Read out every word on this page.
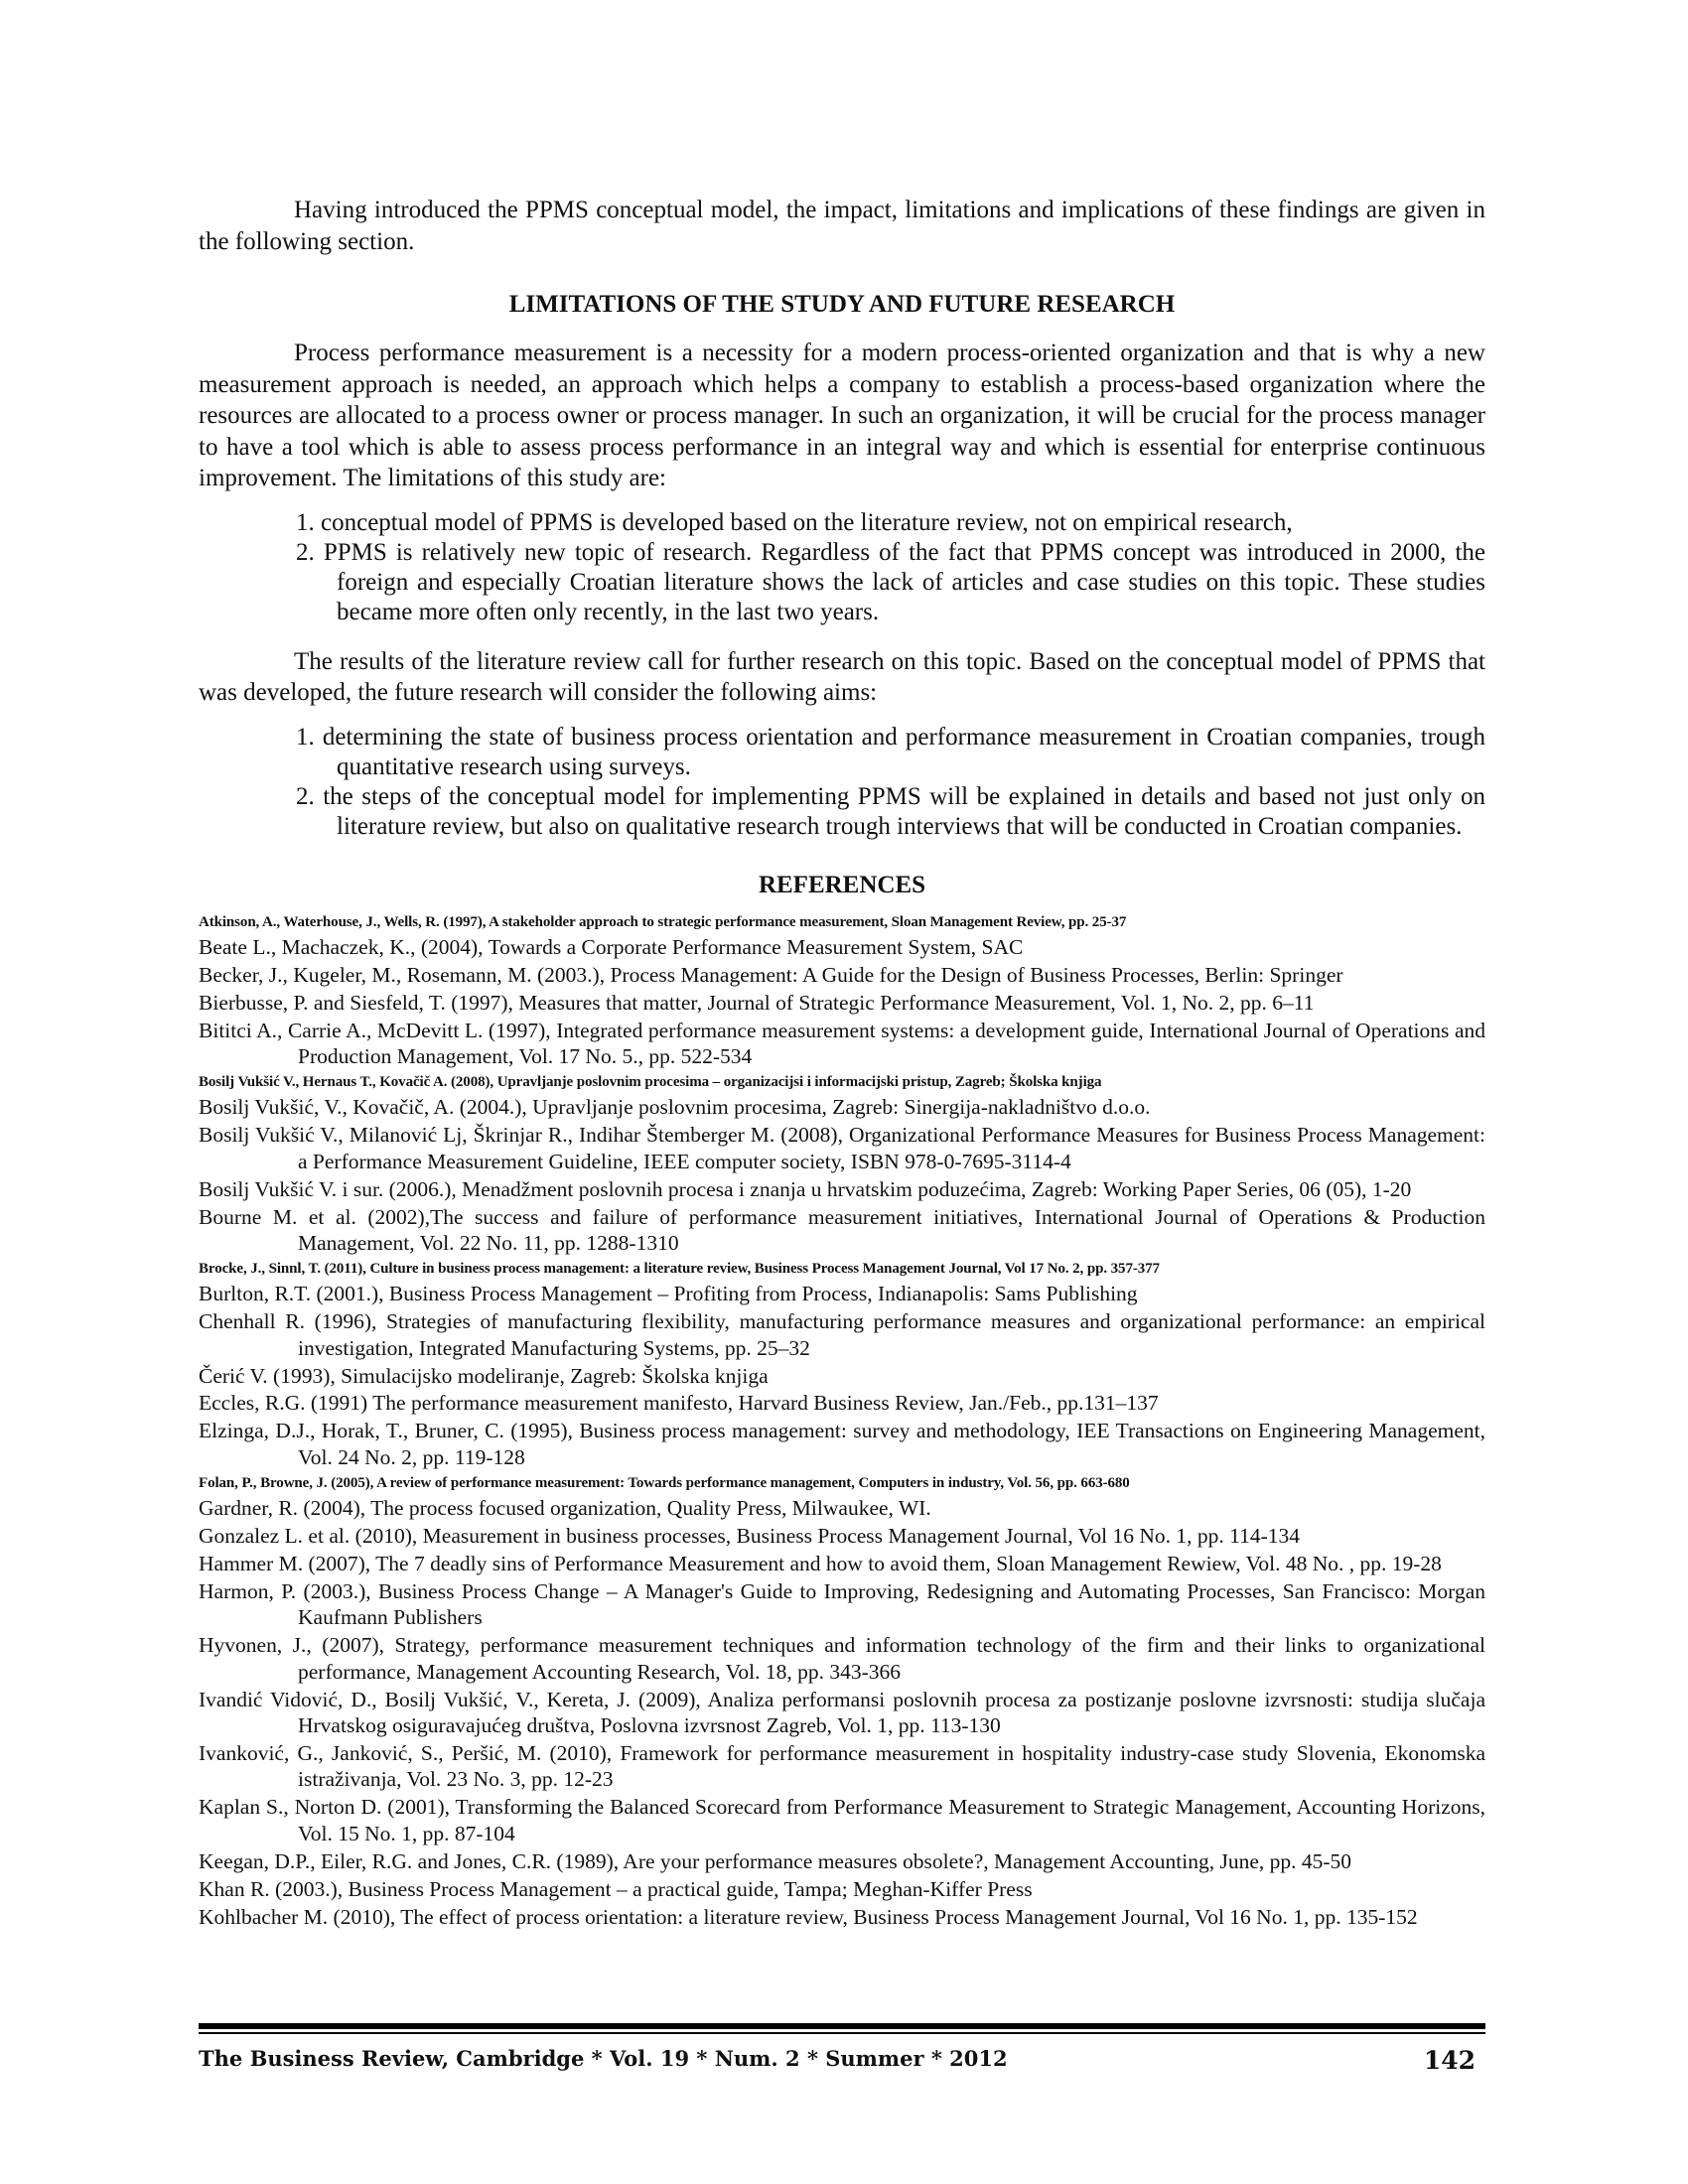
Having introduced the PPMS conceptual model, the impact, limitations and implications of these findings are given in the following section.

LIMITATIONS OF THE STUDY AND FUTURE RESEARCH

Process performance measurement is a necessity for a modern process-oriented organization and that is why a new measurement approach is needed, an approach which helps a company to establish a process-based organization where the resources are allocated to a process owner or process manager. In such an organization, it will be crucial for the process manager to have a tool which is able to assess process performance in an integral way and which is essential for enterprise continuous improvement. The limitations of this study are:

1. conceptual model of PPMS is developed based on the literature review, not on empirical research,
2. PPMS is relatively new topic of research. Regardless of the fact that PPMS concept was introduced in 2000, the foreign and especially Croatian literature shows the lack of articles and case studies on this topic. These studies became more often only recently, in the last two years.

The results of the literature review call for further research on this topic. Based on the conceptual model of PPMS that was developed, the future research will consider the following aims:

1. determining the state of business process orientation and performance measurement in Croatian companies, trough quantitative research using surveys.
2. the steps of the conceptual model for implementing PPMS will be explained in details and based not just only on literature review, but also on qualitative research trough interviews that will be conducted in Croatian companies.
REFERENCES
Atkinson, A., Waterhouse, J., Wells, R. (1997), A stakeholder approach to strategic performance measurement, Sloan Management Review, pp. 25-37
Beate L., Machaczek, K., (2004), Towards a Corporate Performance Measurement System, SAC
Becker, J., Kugeler, M., Rosemann, M. (2003.), Process Management: A Guide for the Design of Business Processes, Berlin: Springer
Bierbusse, P. and Siesfeld, T. (1997), Measures that matter, Journal of Strategic Performance Measurement, Vol. 1, No. 2, pp. 6–11
Bititci A., Carrie A., McDevitt L. (1997), Integrated performance measurement systems: a development guide, International Journal of Operations and Production Management, Vol. 17 No. 5., pp. 522-534
Bosilj Vukšić V., Hernaus T., Kovačič A. (2008), Upravljanje poslovnim procesima – organizacijsi i informacijski pristup, Zagreb; Školska knjiga
Bosilj Vukšić, V., Kovačič, A. (2004.), Upravljanje poslovnim procesima, Zagreb: Sinergija-nakladništvo d.o.o.
Bosilj Vukšić V., Milanović Lj, Škrinjar R., Indihar Štemberger M. (2008), Organizational Performance Measures for Business Process Management: a Performance Measurement Guideline, IEEE computer society, ISBN 978-0-7695-3114-4
Bosilj Vukšić V. i sur. (2006.), Menadžment poslovnih procesa i znanja u hrvatskim poduzećima, Zagreb: Working Paper Series, 06 (05), 1-20
Bourne M. et al. (2002),The success and failure of performance measurement initiatives, International Journal of Operations & Production Management, Vol. 22 No. 11, pp. 1288-1310
Brocke, J., Sinnl, T. (2011), Culture in business process management: a literature review, Business Process Management Journal, Vol 17 No. 2, pp. 357-377
Burlton, R.T. (2001.), Business Process Management – Profiting from Process, Indianapolis: Sams Publishing
Chenhall R. (1996), Strategies of manufacturing flexibility, manufacturing performance measures and organizational performance: an empirical investigation, Integrated Manufacturing Systems, pp. 25–32
Čerić V. (1993), Simulacijsko modeliranje, Zagreb: Školska knjiga
Eccles, R.G. (1991) The performance measurement manifesto, Harvard Business Review, Jan./Feb., pp.131–137
Elzinga, D.J., Horak, T., Bruner, C. (1995), Business process management: survey and methodology, IEE Transactions on Engineering Management, Vol. 24 No. 2, pp. 119-128
Folan, P., Browne, J. (2005), A review of performance measurement: Towards performance management, Computers in industry, Vol. 56, pp. 663-680
Gardner, R. (2004), The process focused organization, Quality Press, Milwaukee, WI.
Gonzalez L. et al. (2010), Measurement in business processes, Business Process Management Journal, Vol 16 No. 1, pp. 114-134
Hammer M. (2007), The 7 deadly sins of Performance Measurement and how to avoid them, Sloan Management Rewiew, Vol. 48 No. , pp. 19-28
Harmon, P. (2003.), Business Process Change – A Manager's Guide to Improving, Redesigning and Automating Processes, San Francisco: Morgan Kaufmann Publishers
Hyvonen, J., (2007), Strategy, performance measurement techniques and information technology of the firm and their links to organizational performance, Management Accounting Research, Vol. 18, pp. 343-366
Ivandić Vidović, D., Bosilj Vukšić, V., Kereta, J. (2009), Analiza performansi poslovnih procesa za postizanje poslovne izvrsnosti: studija slučaja Hrvatskog osiguravajućeg društva, Poslovna izvrsnost Zagreb, Vol. 1, pp. 113-130
Ivanković, G., Janković, S., Peršić, M. (2010), Framework for performance measurement in hospitality industry-case study Slovenia, Ekonomska istraživanja, Vol. 23 No. 3, pp. 12-23
Kaplan S., Norton D. (2001), Transforming the Balanced Scorecard from Performance Measurement to Strategic Management, Accounting Horizons, Vol. 15 No. 1, pp. 87-104
Keegan, D.P., Eiler, R.G. and Jones, C.R. (1989), Are your performance measures obsolete?, Management Accounting, June, pp. 45-50
Khan R. (2003.), Business Process Management – a practical guide, Tampa; Meghan-Kiffer Press
Kohlbacher M. (2010), The effect of process orientation: a literature review, Business Process Management Journal, Vol 16 No. 1, pp. 135-152
The Business Review, Cambridge * Vol. 19 * Num. 2 * Summer * 2012	142
